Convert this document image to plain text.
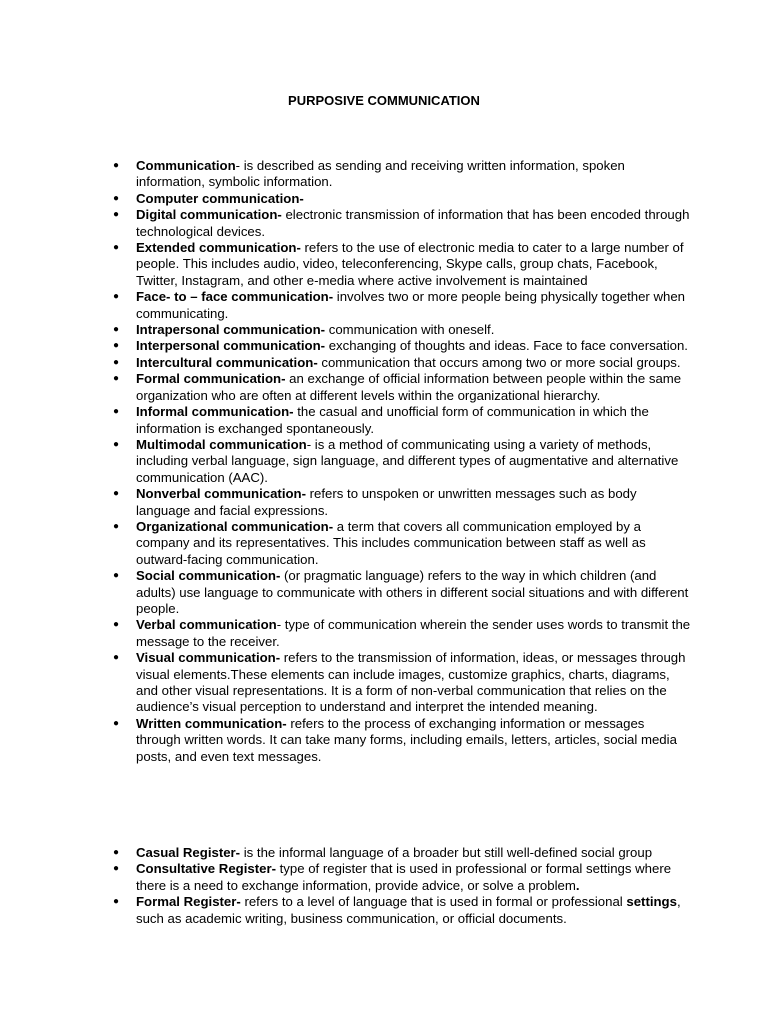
PURPOSIVE COMMUNICATION
● Communication- is described as sending and receiving written information, spoken information, symbolic information.
● Computer communication-
● Digital communication- electronic transmission of information that has been encoded through technological devices.
● Extended communication- refers to the use of electronic media to cater to a large number of people. This includes audio, video, teleconferencing, Skype calls, group chats, Facebook, Twitter, Instagram, and other e-media where active involvement is maintained
● Face- to – face communication- involves two or more people being physically together when communicating.
● Intrapersonal communication- communication with oneself.
● Interpersonal communication- exchanging of thoughts and ideas. Face to face conversation.
● Intercultural communication- communication that occurs among two or more social groups.
● Formal communication- an exchange of official information between people within the same organization who are often at different levels within the organizational hierarchy.
● Informal communication- the casual and unofficial form of communication in which the information is exchanged spontaneously.
● Multimodal communication- is a method of communicating using a variety of methods, including verbal language, sign language, and different types of augmentative and alternative communication (AAC).
● Nonverbal communication- refers to unspoken or unwritten messages such as body language and facial expressions.
● Organizational communication- a term that covers all communication employed by a company and its representatives. This includes communication between staff as well as outward-facing communication.
● Social communication- (or pragmatic language) refers to the way in which children (and adults) use language to communicate with others in different social situations and with different people.
● Verbal communication- type of communication wherein the sender uses words to transmit the message to the receiver.
● Visual communication- refers to the transmission of information, ideas, or messages through visual elements.These elements can include images, customize graphics, charts, diagrams, and other visual representations. It is a form of non-verbal communication that relies on the audience’s visual perception to understand and interpret the intended meaning.
● Written communication- refers to the process of exchanging information or messages through written words. It can take many forms, including emails, letters, articles, social media posts, and even text messages.
● Casual Register- is the informal language of a broader but still well-defined social group
● Consultative Register- type of register that is used in professional or formal settings where there is a need to exchange information, provide advice, or solve a problem.
● Formal Register- refers to a level of language that is used in formal or professional settings, such as academic writing, business communication, or official documents.
